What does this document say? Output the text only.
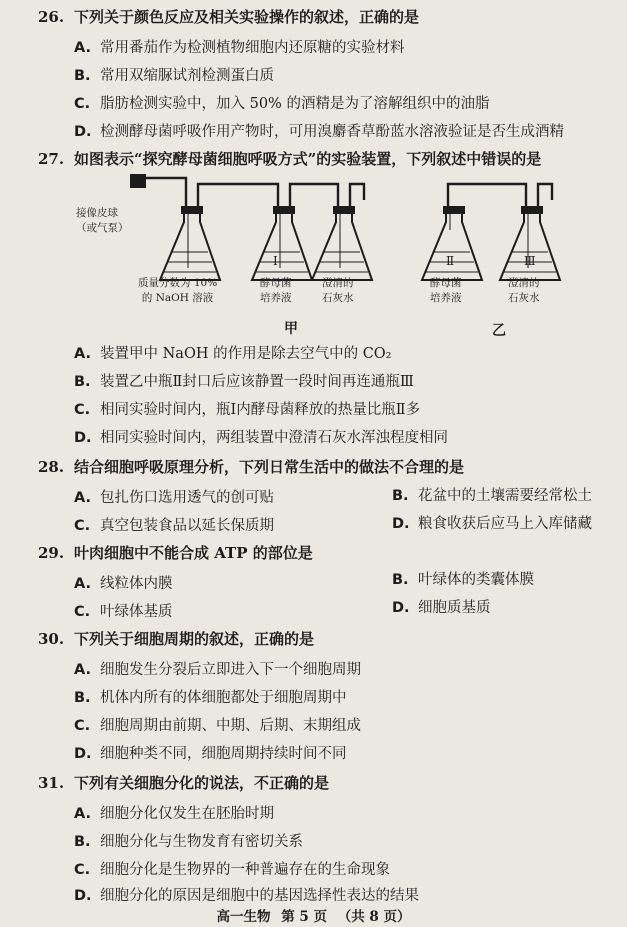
26. 下列关于颜色反应及相关实验操作的叙述，正确的是
A. 常用番茄作为检测植物细胞内还原糖的实验材料
B. 常用双缩脲试剂检测蛋白质
C. 脂肪检测实验中，加入 50% 的酒精是为了溶解组织中的油脂
D. 检测酵母菌呼吸作用产物时，可用溴麝香草酚蓝水溶液验证是否生成酒精
27. 如图表示“探究酵母菌细胞呼吸方式”的实验装置，下列叙述中错误的是
接像皮球
（或气泵）
Ⅰ	Ⅱ	Ⅲ
质量分数为 10%
的 NaOH 溶液
酵母菌
培养液
澄清的
石灰水
酵母菌
培养液
澄清的
石灰水
甲	乙
A. 装置甲中 NaOH 的作用是除去空气中的 CO₂
B. 装置乙中瓶Ⅱ封口后应该静置一段时间再连通瓶Ⅲ
C. 相同实验时间内，瓶Ⅰ内酵母菌释放的热量比瓶Ⅱ多
D. 相同实验时间内，两组装置中澄清石灰水浑浊程度相同
28. 结合细胞呼吸原理分析，下列日常生活中的做法不合理的是
A. 包扎伤口选用透气的创可贴	B. 花盆中的土壤需要经常松土
C. 真空包装食品以延长保质期	D. 粮食收获后应马上入库储藏
29. 叶肉细胞中不能合成 ATP 的部位是
A. 线粒体内膜	B. 叶绿体的类囊体膜
C. 叶绿体基质	D. 细胞质基质
30. 下列关于细胞周期的叙述，正确的是
A. 细胞发生分裂后立即进入下一个细胞周期
B. 机体内所有的体细胞都处于细胞周期中
C. 细胞周期由前期、中期、后期、末期组成
D. 细胞种类不同，细胞周期持续时间不同
31. 下列有关细胞分化的说法，不正确的是
A. 细胞分化仅发生在胚胎时期
B. 细胞分化与生物发育有密切关系
C. 细胞分化是生物界的一种普遍存在的生命现象
D. 细胞分化的原因是细胞中的基因选择性表达的结果
高一生物 第 5 页 （共 8 页）
